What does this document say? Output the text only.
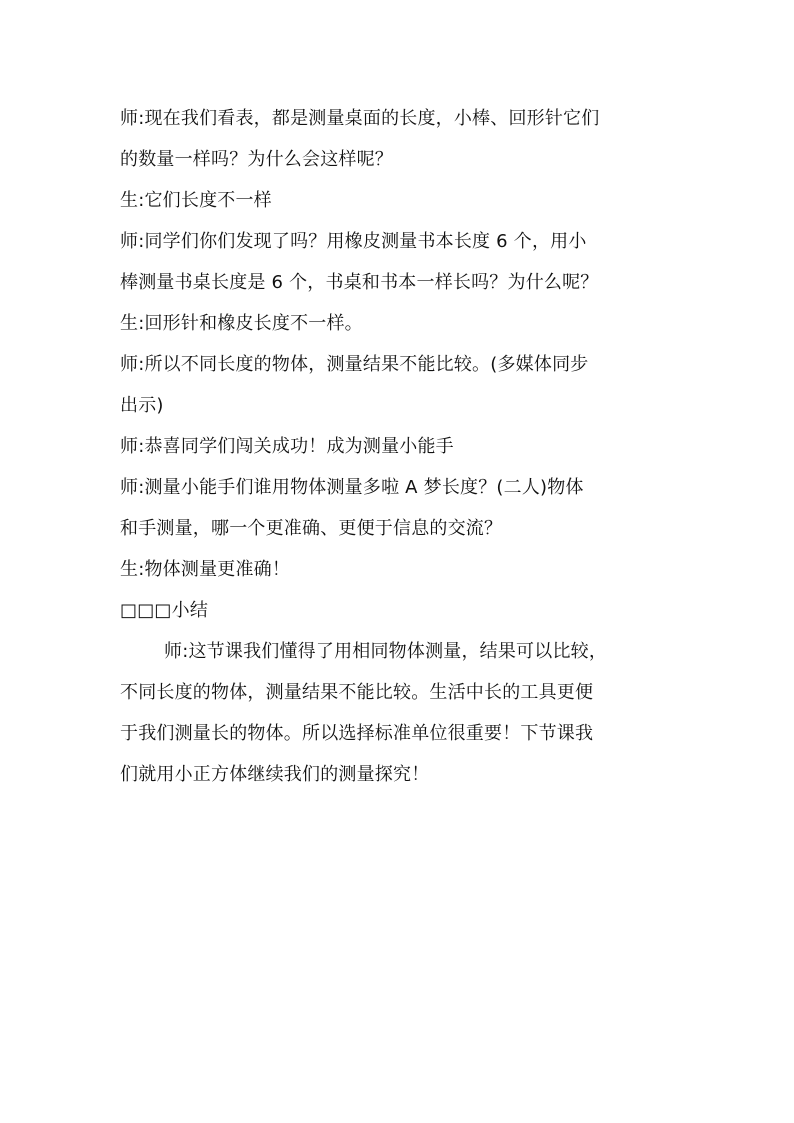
师:现在我们看表，都是测量桌面的长度，小棒、回形针它们
的数量一样吗？为什么会这样呢？
生:它们长度不一样
师:同学们你们发现了吗？用橡皮测量书本长度 6 个，用小
棒测量书桌长度是 6 个，书桌和书本一样长吗？为什么呢？
生:回形针和橡皮长度不一样。
师:所以不同长度的物体，测量结果不能比较。(多媒体同步
出示)
师:恭喜同学们闯关成功！成为测量小能手
师:测量小能手们谁用物体测量多啦 A 梦长度？(二人)物体
和手测量，哪一个更准确、更便于信息的交流？
生:物体测量更准确！
□□□小结
师:这节课我们懂得了用相同物体测量，结果可以比较，
不同长度的物体，测量结果不能比较。生活中长的工具更便
于我们测量长的物体。所以选择标准单位很重要！下节课我
们就用小正方体继续我们的测量探究！
